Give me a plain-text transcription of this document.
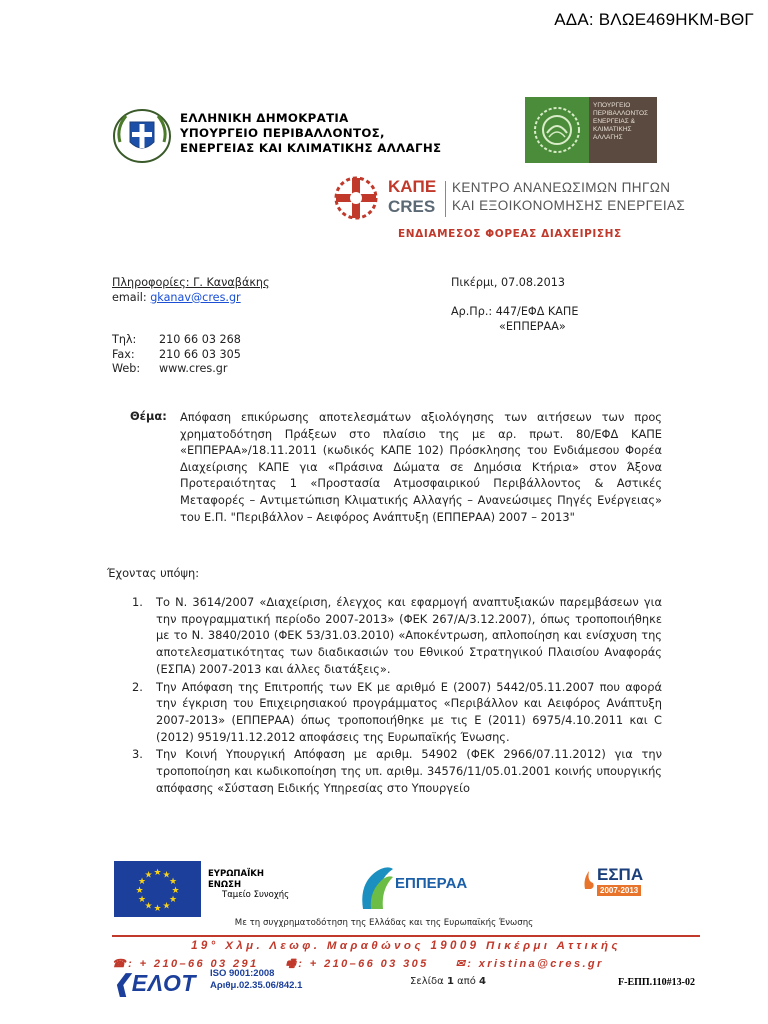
ΑΔΑ: ΒΛΩΕ469ΗΚΜ-ΒΘΓ
ΕΛΛΗΝΙΚΗ ΔΗΜΟΚΡΑΤΙΑ
ΥΠΟΥΡΓΕΙΟ ΠΕΡΙΒΑΛΛΟΝΤΟΣ,
ΕΝΕΡΓΕΙΑΣ ΚΑΙ ΚΛΙΜΑΤΙΚΗΣ ΑΛΛΑΓΗΣ
ΥΠΟΥΡΓΕΙΟ
ΠΕΡΙΒΑΛΛΟΝΤΟΣ
ΕΝΕΡΓΕΙΑΣ &
ΚΛΙΜΑΤΙΚΗΣ
ΑΛΛΑΓΗΣ
ΚΑΠΕ
CRES
ΚΕΝΤΡΟ ΑΝΑΝΕΩΣΙΜΩΝ ΠΗΓΩΝ
ΚΑΙ ΕΞΟΙΚΟΝΟΜΗΣΗΣ ΕΝΕΡΓΕΙΑΣ
ΕΝΔΙΑΜΕΣΟΣ ΦΟΡΕΑΣ ΔΙΑΧΕΙΡΙΣΗΣ
Πληροφορίες: Γ. Καναβάκης
email: gkanav@cres.gr
Τηλ: 210 66 03 268
Fax: 210 66 03 305
Web: www.cres.gr
Πικέρμι, 07.08.2013
Αρ.Πρ.: 447/ΕΦΔ ΚΑΠΕ
«ΕΠΠΕΡΑΑ»
Θέμα: Απόφαση επικύρωσης αποτελεσμάτων αξιολόγησης των αιτήσεων των προς χρηματοδότηση Πράξεων στο πλαίσιο της με αρ. πρωτ. 80/ΕΦΔ ΚΑΠΕ «ΕΠΠΕΡΑΑ»/18.11.2011 (κωδικός ΚΑΠΕ 102) Πρόσκλησης του Ενδιάμεσου Φορέα Διαχείρισης ΚΑΠΕ για «Πράσινα Δώματα σε Δημόσια Κτήρια» στον Άξονα Προτεραιότητας 1 «Προστασία Ατμοσφαιρικού Περιβάλλοντος & Αστικές Μεταφορές – Αντιμετώπιση Κλιματικής Αλλαγής – Ανανεώσιμες Πηγές Ενέργειας» του Ε.Π. "Περιβάλλον – Αειφόρος Ανάπτυξη (ΕΠΠΕΡΑΑ) 2007 – 2013"
Έχοντας υπόψη:
1. Το Ν. 3614/2007 «Διαχείριση, έλεγχος και εφαρμογή αναπτυξιακών παρεμβάσεων για την προγραμματική περίοδο 2007-2013» (ΦΕΚ 267/Α/3.12.2007), όπως τροποποιήθηκε με το Ν. 3840/2010 (ΦΕΚ 53/31.03.2010) «Αποκέντρωση, απλοποίηση και ενίσχυση της αποτελεσματικότητας των διαδικασιών του Εθνικού Στρατηγικού Πλαισίου Αναφοράς (ΕΣΠΑ) 2007-2013 και άλλες διατάξεις».
2. Την Απόφαση της Επιτροπής των ΕΚ με αριθμό Ε (2007) 5442/05.11.2007 που αφορά την έγκριση του Επιχειρησιακού προγράμματος «Περιβάλλον και Αειφόρος Ανάπτυξη 2007-2013» (ΕΠΠΕΡΑΑ) όπως τροποποιήθηκε με τις Ε (2011) 6975/4.10.2011 και C (2012) 9519/11.12.2012 αποφάσεις της Ευρωπαϊκής Ένωσης.
3. Την Κοινή Υπουργική Απόφαση με αριθμ. 54902 (ΦΕΚ 2966/07.11.2012) για την τροποποίηση και κωδικοποίηση της υπ. αριθμ. 34576/11/05.01.2001 κοινής υπουργικής απόφασης «Σύσταση Ειδικής Υπηρεσίας στο Υπουργείο
★ ★
★
★
★
★
★
★
★
★
★
★	ΕΥΡΩΠΑΪΚΗ
ΕΝΩΣΗ
Ταμείο Συνοχής
ΕΠΠΕΡΑΑ	ΕΣΠΑ
2007-2013
Με τη συγχρηματοδότηση της Ελλάδας και της Ευρωπαϊκής Ένωσης
19° Χλμ. Λεωφ. Μαραθώνος 19009 Πικέρμι Αττικής
☎: + 210–66 03 291 🖷: + 210–66 03 305 ✉: xristina@cres.gr
❰ΕΛΟΤ ISO 9001:2008
Αριθμ.02.35.06/842.1	Σελίδα 1 από 4	F-ΕΠΠ.110#13-02
